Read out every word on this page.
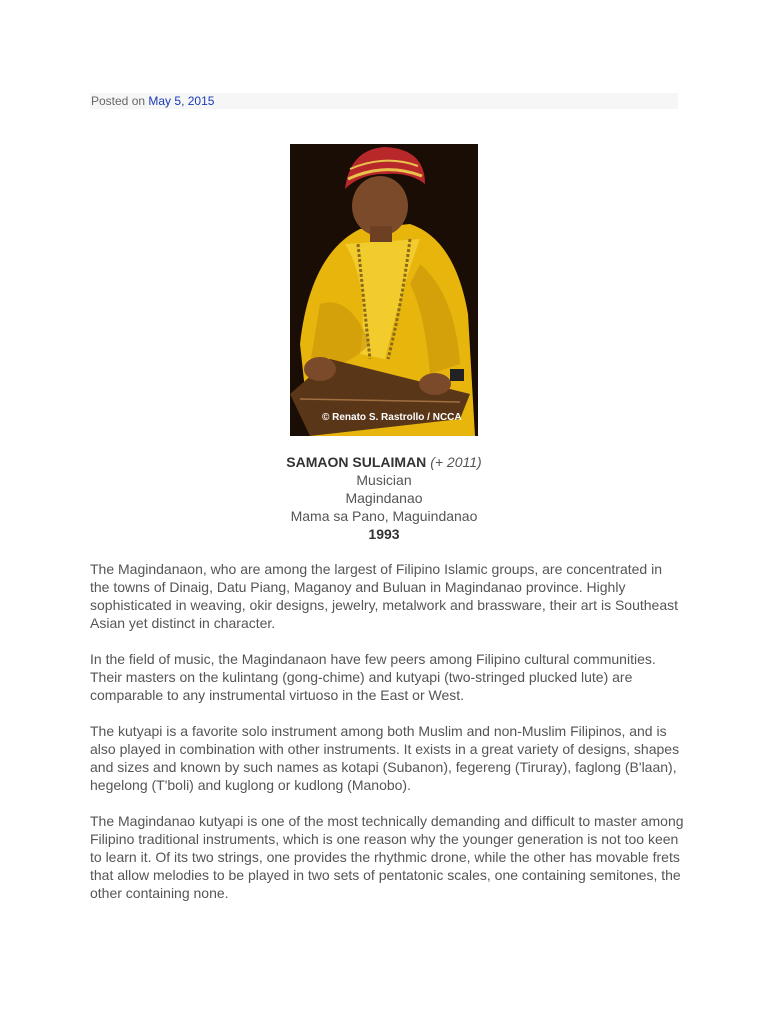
Posted on May 5, 2015
© Renato S. Rastrollo / NCCA
SAMAON SULAIMAN (+ 2011)
Musician
Magindanao
Mama sa Pano, Maguindanao
1993

The Magindanaon, who are among the largest of Filipino Islamic groups, are concentrated in the towns of Dinaig, Datu Piang, Maganoy and Buluan in Magindanao province. Highly sophisticated in weaving, okir designs, jewelry, metalwork and brassware, their art is Southeast Asian yet distinct in character.

In the field of music, the Magindanaon have few peers among Filipino cultural communities. Their masters on the kulintang (gong-chime) and kutyapi (two-stringed plucked lute) are comparable to any instrumental virtuoso in the East or West.

The kutyapi is a favorite solo instrument among both Muslim and non-Muslim Filipinos, and is also played in combination with other instruments. It exists in a great variety of designs, shapes and sizes and known by such names as kotapi (Subanon), fegereng (Tiruray), faglong (B'laan), hegelong (T'boli) and kuglong or kudlong (Manobo).

The Magindanao kutyapi is one of the most technically demanding and difficult to master among Filipino traditional instruments, which is one reason why the younger generation is not too keen to learn it. Of its two strings, one provides the rhythmic drone, while the other has movable frets that allow melodies to be played in two sets of pentatonic scales, one containing semitones, the other containing none.
